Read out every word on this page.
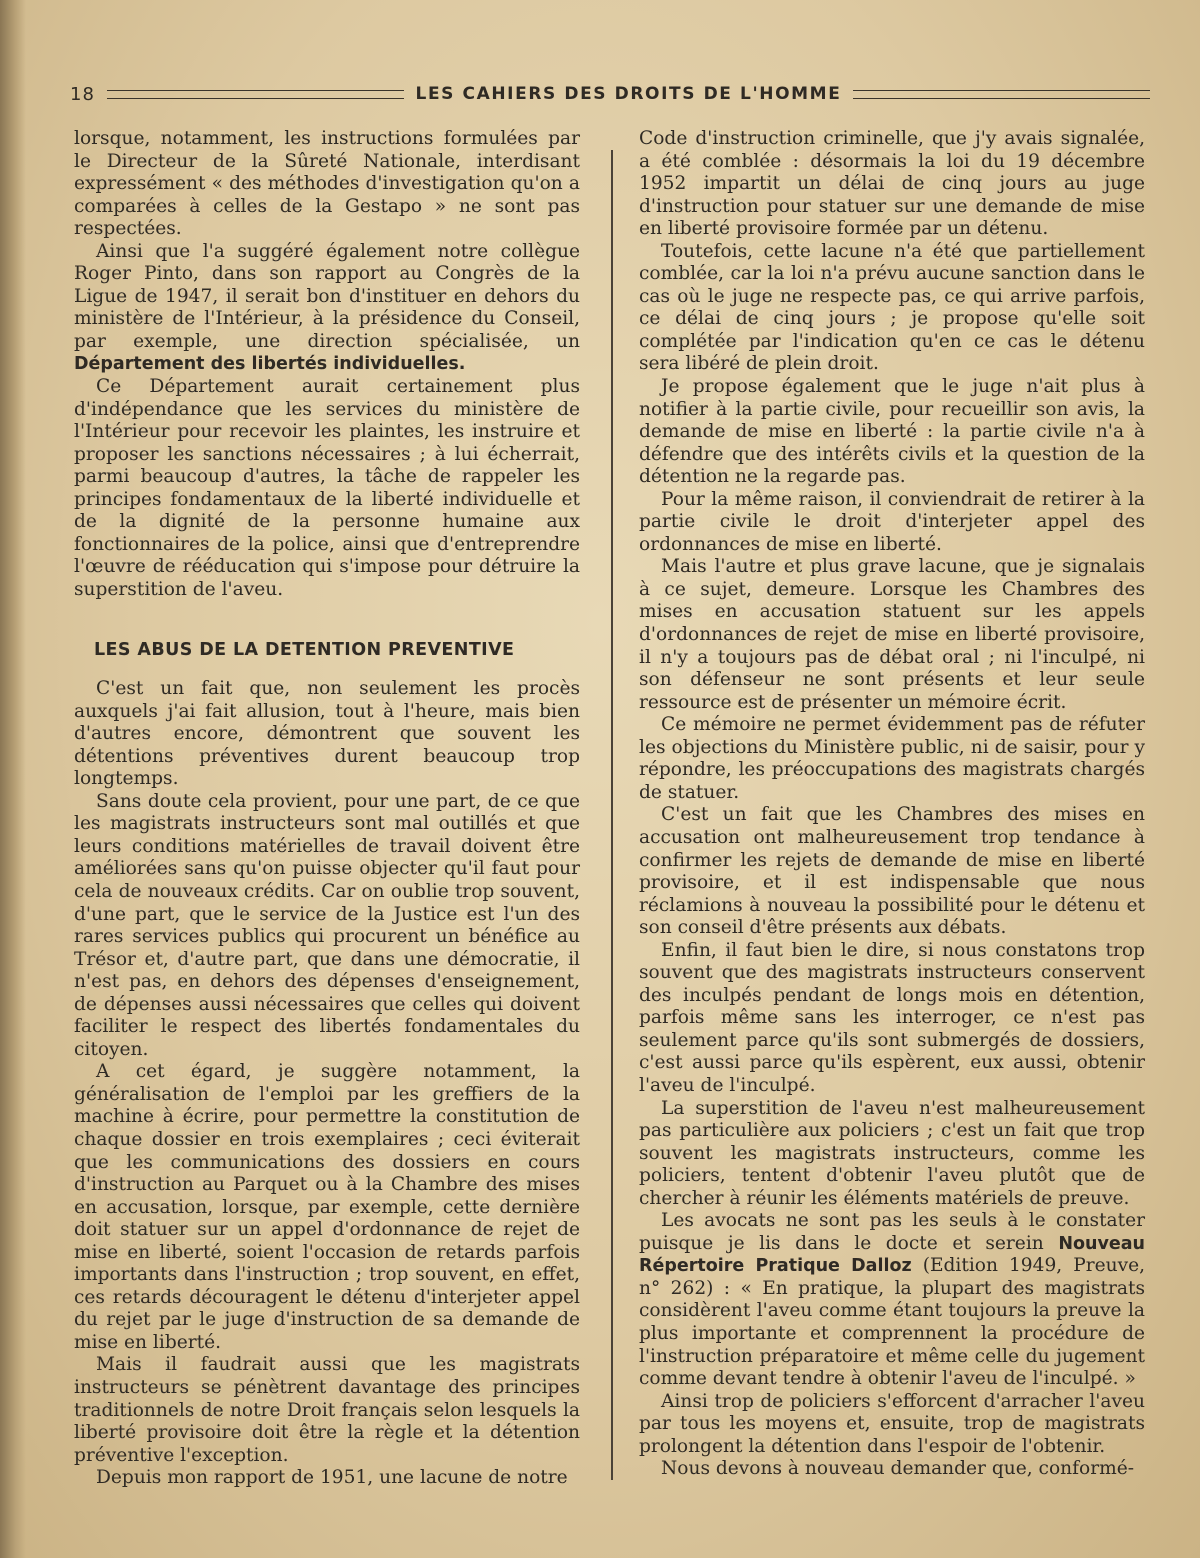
18	LES CAHIERS DES DROITS DE L'HOMME

lorsque, notamment, les instructions formulées par le Directeur de la Sûreté Nationale, interdisant expressément « des méthodes d'investigation qu'on a comparées à celles de la Gestapo » ne sont pas respectées.

Ainsi que l'a suggéré également notre collègue Roger Pinto, dans son rapport au Congrès de la Ligue de 1947, il serait bon d'instituer en dehors du ministère de l'Intérieur, à la présidence du Conseil, par exemple, une direction spécialisée, un Département des libertés individuelles.

Ce Département aurait certainement plus d'indépendance que les services du ministère de l'Intérieur pour recevoir les plaintes, les instruire et proposer les sanctions nécessaires ; à lui écherrait, parmi beaucoup d'autres, la tâche de rappeler les principes fondamentaux de la liberté individuelle et de la dignité de la personne humaine aux fonctionnaires de la police, ainsi que d'entreprendre l'œuvre de rééducation qui s'impose pour détruire la superstition de l'aveu.

LES ABUS DE LA DETENTION PREVENTIVE

C'est un fait que, non seulement les procès auxquels j'ai fait allusion, tout à l'heure, mais bien d'autres encore, démontrent que souvent les détentions préventives durent beaucoup trop longtemps.

Sans doute cela provient, pour une part, de ce que les magistrats instructeurs sont mal outillés et que leurs conditions matérielles de travail doivent être améliorées sans qu'on puisse objecter qu'il faut pour cela de nouveaux crédits. Car on oublie trop souvent, d'une part, que le service de la Justice est l'un des rares services publics qui procurent un bénéfice au Trésor et, d'autre part, que dans une démocratie, il n'est pas, en dehors des dépenses d'enseignement, de dépenses aussi nécessaires que celles qui doivent faciliter le respect des libertés fondamentales du citoyen.

A cet égard, je suggère notamment, la généralisation de l'emploi par les greffiers de la machine à écrire, pour permettre la constitution de chaque dossier en trois exemplaires ; ceci éviterait que les communications des dossiers en cours d'instruction au Parquet ou à la Chambre des mises en accusation, lorsque, par exemple, cette dernière doit statuer sur un appel d'ordonnance de rejet de mise en liberté, soient l'occasion de retards parfois importants dans l'instruction ; trop souvent, en effet, ces retards découragent le détenu d'interjeter appel du rejet par le juge d'instruction de sa demande de mise en liberté.

Mais il faudrait aussi que les magistrats instructeurs se pénètrent davantage des principes traditionnels de notre Droit français selon lesquels la liberté provisoire doit être la règle et la détention préventive l'exception.

Depuis mon rapport de 1951, une lacune de notre

Code d'instruction criminelle, que j'y avais signalée, a été comblée : désormais la loi du 19 décembre 1952 impartit un délai de cinq jours au juge d'instruction pour statuer sur une demande de mise en liberté provisoire formée par un détenu.

Toutefois, cette lacune n'a été que partiellement comblée, car la loi n'a prévu aucune sanction dans le cas où le juge ne respecte pas, ce qui arrive parfois, ce délai de cinq jours ; je propose qu'elle soit complétée par l'indication qu'en ce cas le détenu sera libéré de plein droit.

Je propose également que le juge n'ait plus à notifier à la partie civile, pour recueillir son avis, la demande de mise en liberté : la partie civile n'a à défendre que des intérêts civils et la question de la détention ne la regarde pas.

Pour la même raison, il conviendrait de retirer à la partie civile le droit d'interjeter appel des ordonnances de mise en liberté.

Mais l'autre et plus grave lacune, que je signalais à ce sujet, demeure. Lorsque les Chambres des mises en accusation statuent sur les appels d'ordonnances de rejet de mise en liberté provisoire, il n'y a toujours pas de débat oral ; ni l'inculpé, ni son défenseur ne sont présents et leur seule ressource est de présenter un mémoire écrit.

Ce mémoire ne permet évidemment pas de réfuter les objections du Ministère public, ni de saisir, pour y répondre, les préoccupations des magistrats chargés de statuer.

C'est un fait que les Chambres des mises en accusation ont malheureusement trop tendance à confirmer les rejets de demande de mise en liberté provisoire, et il est indispensable que nous réclamions à nouveau la possibilité pour le détenu et son conseil d'être présents aux débats.

Enfin, il faut bien le dire, si nous constatons trop souvent que des magistrats instructeurs conservent des inculpés pendant de longs mois en détention, parfois même sans les interroger, ce n'est pas seulement parce qu'ils sont submergés de dossiers, c'est aussi parce qu'ils espèrent, eux aussi, obtenir l'aveu de l'inculpé.

La superstition de l'aveu n'est malheureusement pas particulière aux policiers ; c'est un fait que trop souvent les magistrats instructeurs, comme les policiers, tentent d'obtenir l'aveu plutôt que de chercher à réunir les éléments matériels de preuve.

Les avocats ne sont pas les seuls à le constater puisque je lis dans le docte et serein Nouveau Répertoire Pratique Dalloz (Edition 1949, Preuve, n° 262) : « En pratique, la plupart des magistrats considèrent l'aveu comme étant toujours la preuve la plus importante et comprennent la procédure de l'instruction préparatoire et même celle du jugement comme devant tendre à obtenir l'aveu de l'inculpé. »

Ainsi trop de policiers s'efforcent d'arracher l'aveu par tous les moyens et, ensuite, trop de magistrats prolongent la détention dans l'espoir de l'obtenir.

Nous devons à nouveau demander que, conformé-
